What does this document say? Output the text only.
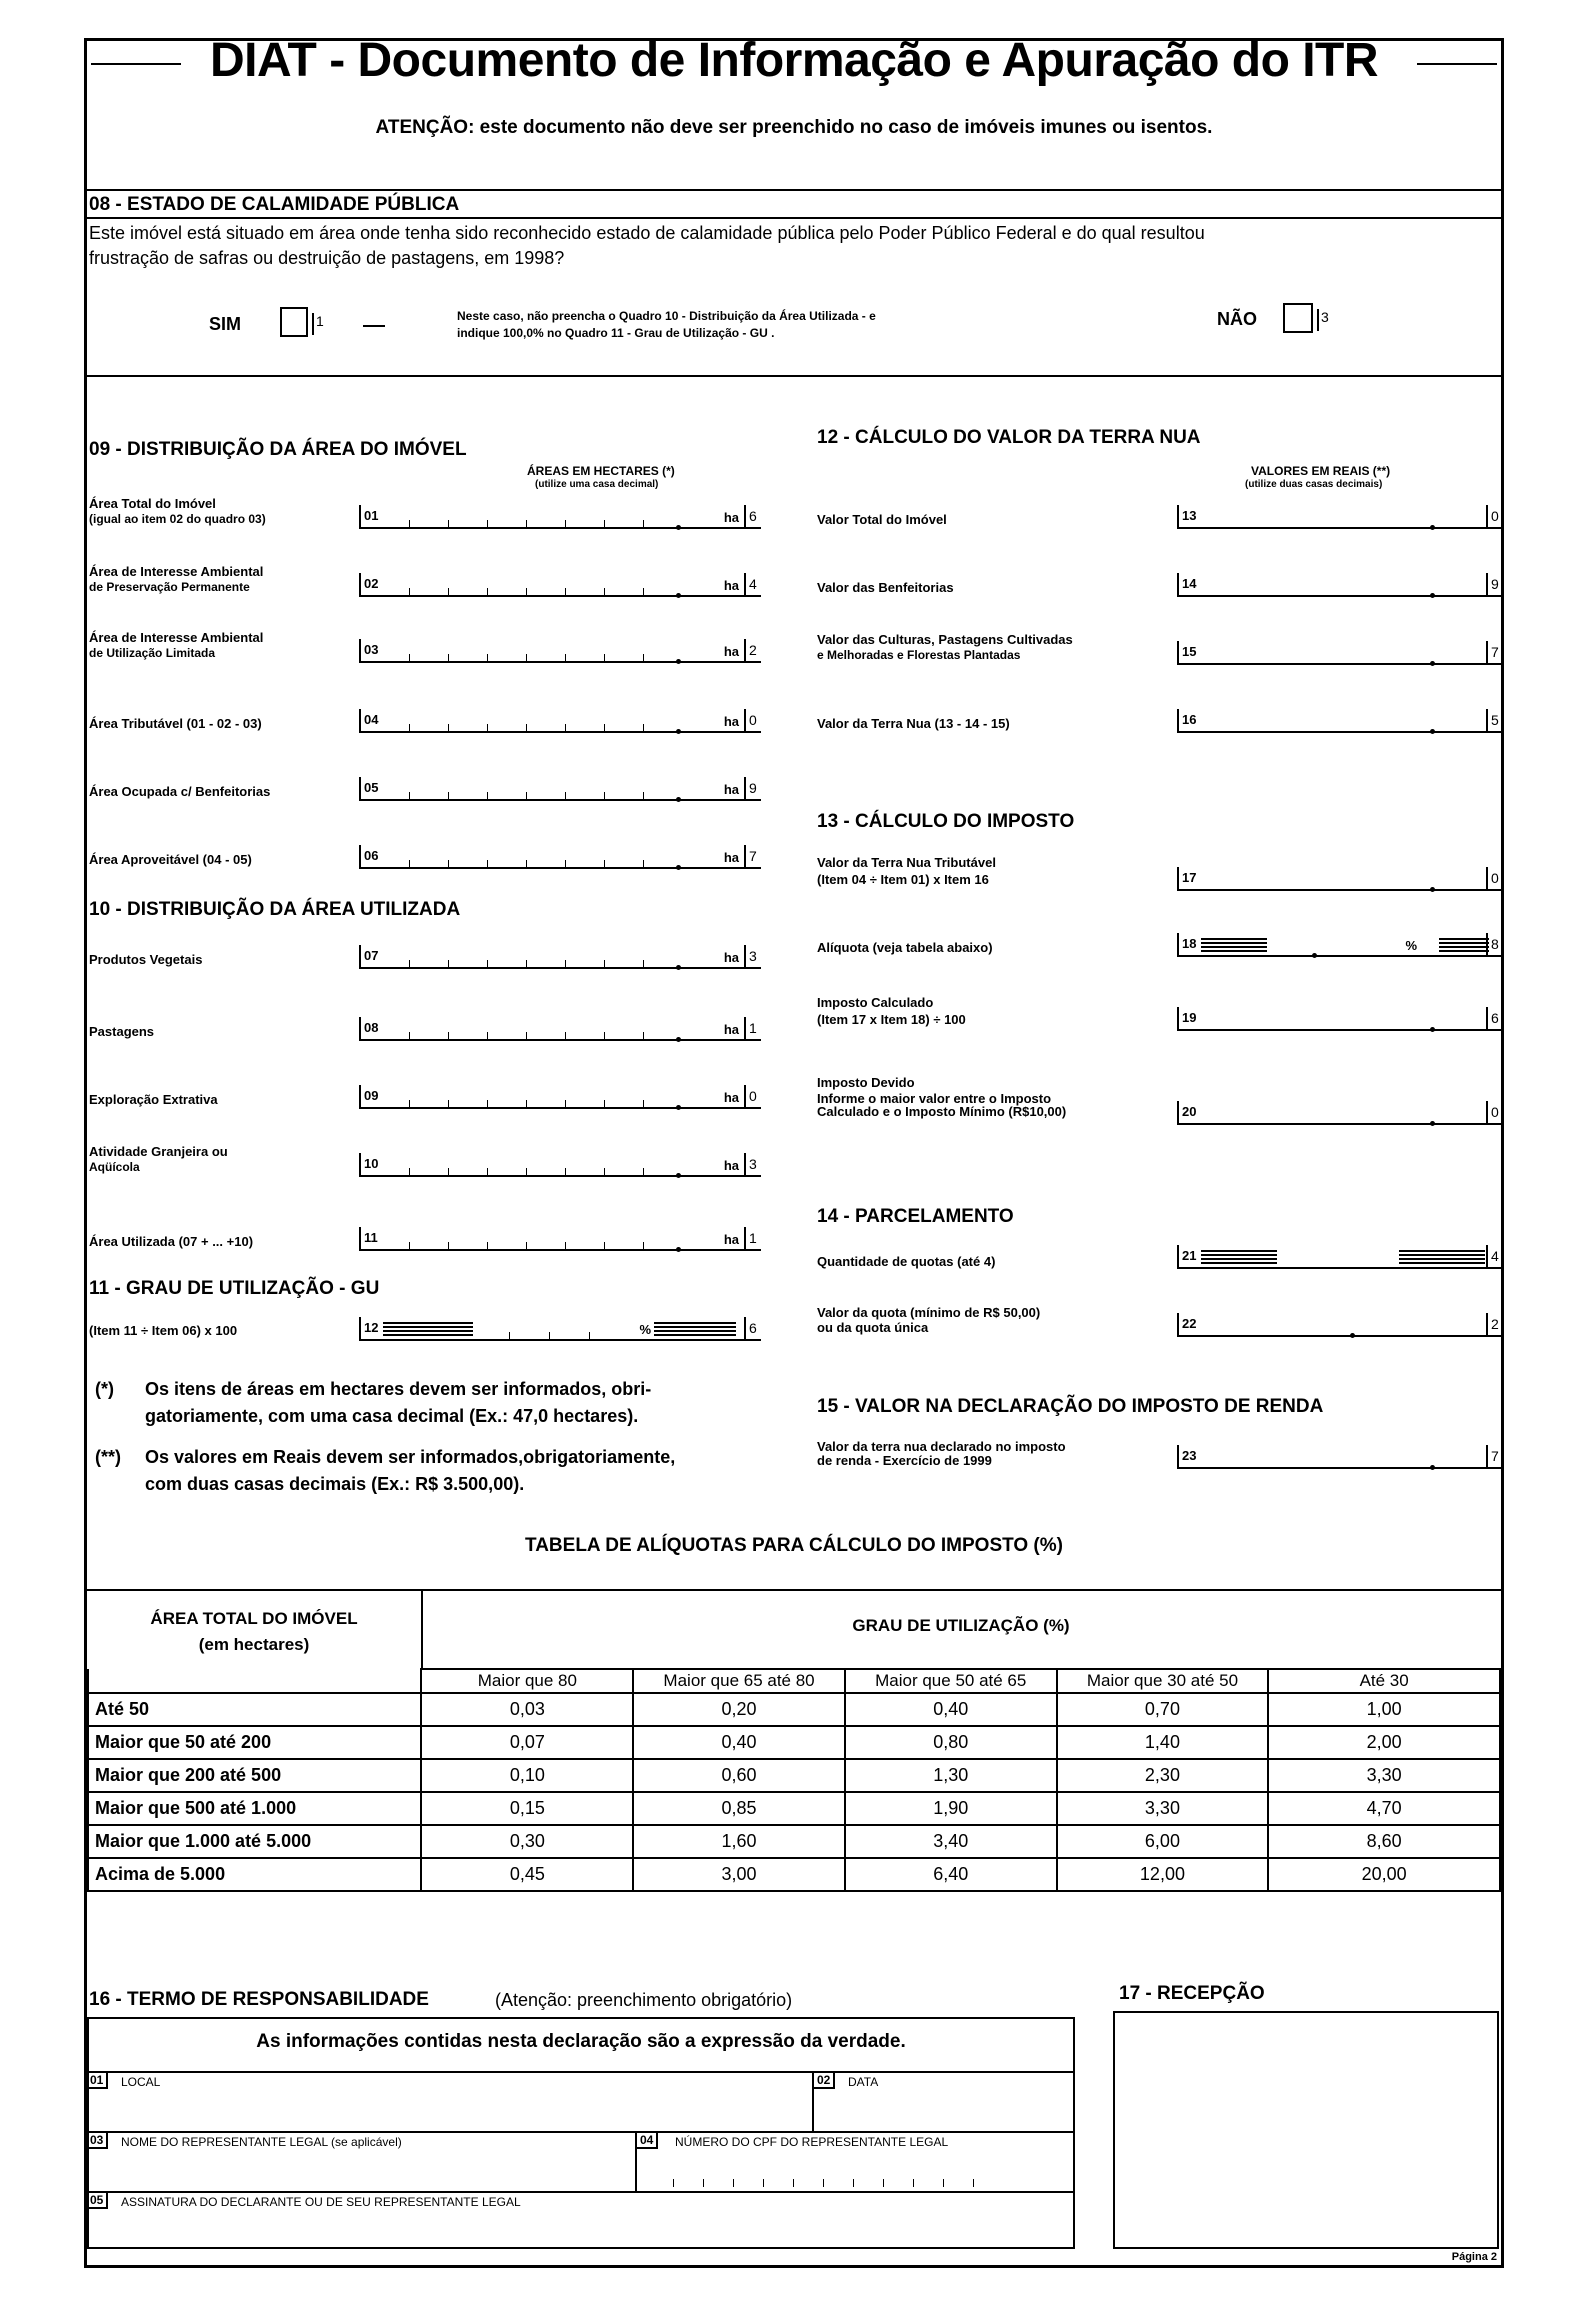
DIAT - Documento de Informação e Apuração do ITR
ATENÇÃO: este documento não deve ser preenchido no caso de imóveis imunes ou isentos.
08 - ESTADO DE CALAMIDADE PÚBLICA
Este imóvel está situado em área onde tenha sido reconhecido estado de calamidade pública pelo Poder Público Federal e do qual resultou
frustração de safras ou destruição de pastagens, em 1998?
SIM	1	Neste caso, não preencha o Quadro 10 - Distribuição da Área Utilizada - e
indique 100,0% no Quadro 11 - Grau de Utilização - GU .
NÃO	3
09 - DISTRIBUIÇÃO DA ÁREA DO IMÓVEL
ÁREAS EM HECTARES (*)
(utilize uma casa decimal)
Área Total do Imóvel
(igual ao item 02 do quadro 03)	01	ha 6
Área de Interesse Ambiental
de Preservação Permanente	02	ha 4
Área de Interesse Ambiental
de Utilização Limitada	03	ha 2
Área Tributável (01 - 02 - 03)	04	ha 0
Área Ocupada c/ Benfeitorias	05	ha 9
Área Aproveitável (04 - 05)	06	ha 7
10 - DISTRIBUIÇÃO DA ÁREA UTILIZADA
Produtos Vegetais	07	ha 3
Pastagens	08	ha 1
Exploração Extrativa	09	ha 0
Atividade Granjeira ou
Aqüícola	10	ha 3
Área Utilizada (07 + ... +10)	11	ha 1
11 - GRAU DE UTILIZAÇÃO - GU
(Item 11 ÷ Item 06) x 100	12	%	6
(*) Os itens de áreas em hectares devem ser informados, obri-
gatoriamente, com uma casa decimal (Ex.: 47,0 hectares).
(**) Os valores em Reais devem ser informados,obrigatoriamente,
com duas casas decimais (Ex.: R$ 3.500,00).
12 - CÁLCULO DO VALOR DA TERRA NUA
VALORES EM REAIS (**)
(utilize duas casas decimais)
Valor Total do Imóvel	13	0
Valor das Benfeitorias	14	9
Valor das Culturas, Pastagens Cultivadas
e Melhoradas e Florestas Plantadas	15	7
Valor da Terra Nua (13 - 14 - 15)	16	5
13 - CÁLCULO DO IMPOSTO
Valor da Terra Nua Tributável
(Item 04 ÷ Item 01) x Item 16	17	0
Alíquota (veja tabela abaixo)	18	%	8
Imposto Calculado
(Item 17 x Item 18) ÷ 100	19	6
Imposto Devido
Informe o maior valor entre o Imposto
Calculado e o Imposto Mínimo (R$10,00)	20	0
14 - PARCELAMENTO
Quantidade de quotas (até 4)	21	4
Valor da quota (mínimo de R$ 50,00)
ou da quota única	22	2
15 - VALOR NA DECLARAÇÃO DO IMPOSTO DE RENDA
Valor da terra nua declarado no imposto
de renda - Exercício de 1999	23	7
TABELA DE ALÍQUOTAS PARA CÁLCULO DO IMPOSTO (%)
ÁREA TOTAL DO IMÓVEL
(em hectares)
GRAU DE UTILIZAÇÃO (%)
	Maior que 80	Maior que 65 até 80	Maior que 50 até 65	Maior que 30 até 50	Até 30
Até 50	0,03	0,20	0,40	0,70	1,00
Maior que 50 até 200	0,07	0,40	0,80	1,40	2,00
Maior que 200 até 500	0,10	0,60	1,30	2,30	3,30
Maior que 500 até 1.000	0,15	0,85	1,90	3,30	4,70
Maior que 1.000 até 5.000	0,30	1,60	3,40	6,00	8,60
Acima de 5.000	0,45	3,00	6,40	12,00	20,00
16 - TERMO DE RESPONSABILIDADE	(Atenção: preenchimento obrigatório)
As informações contidas nesta declaração são a expressão da verdade.
01	LOCAL	02	DATA
03	NOME DO REPRESENTANTE LEGAL (se aplicável)	04	NÚMERO DO CPF DO REPRESENTANTE LEGAL
05	ASSINATURA DO DECLARANTE OU DE SEU REPRESENTANTE LEGAL
17 - RECEPÇÃO
Página 2
